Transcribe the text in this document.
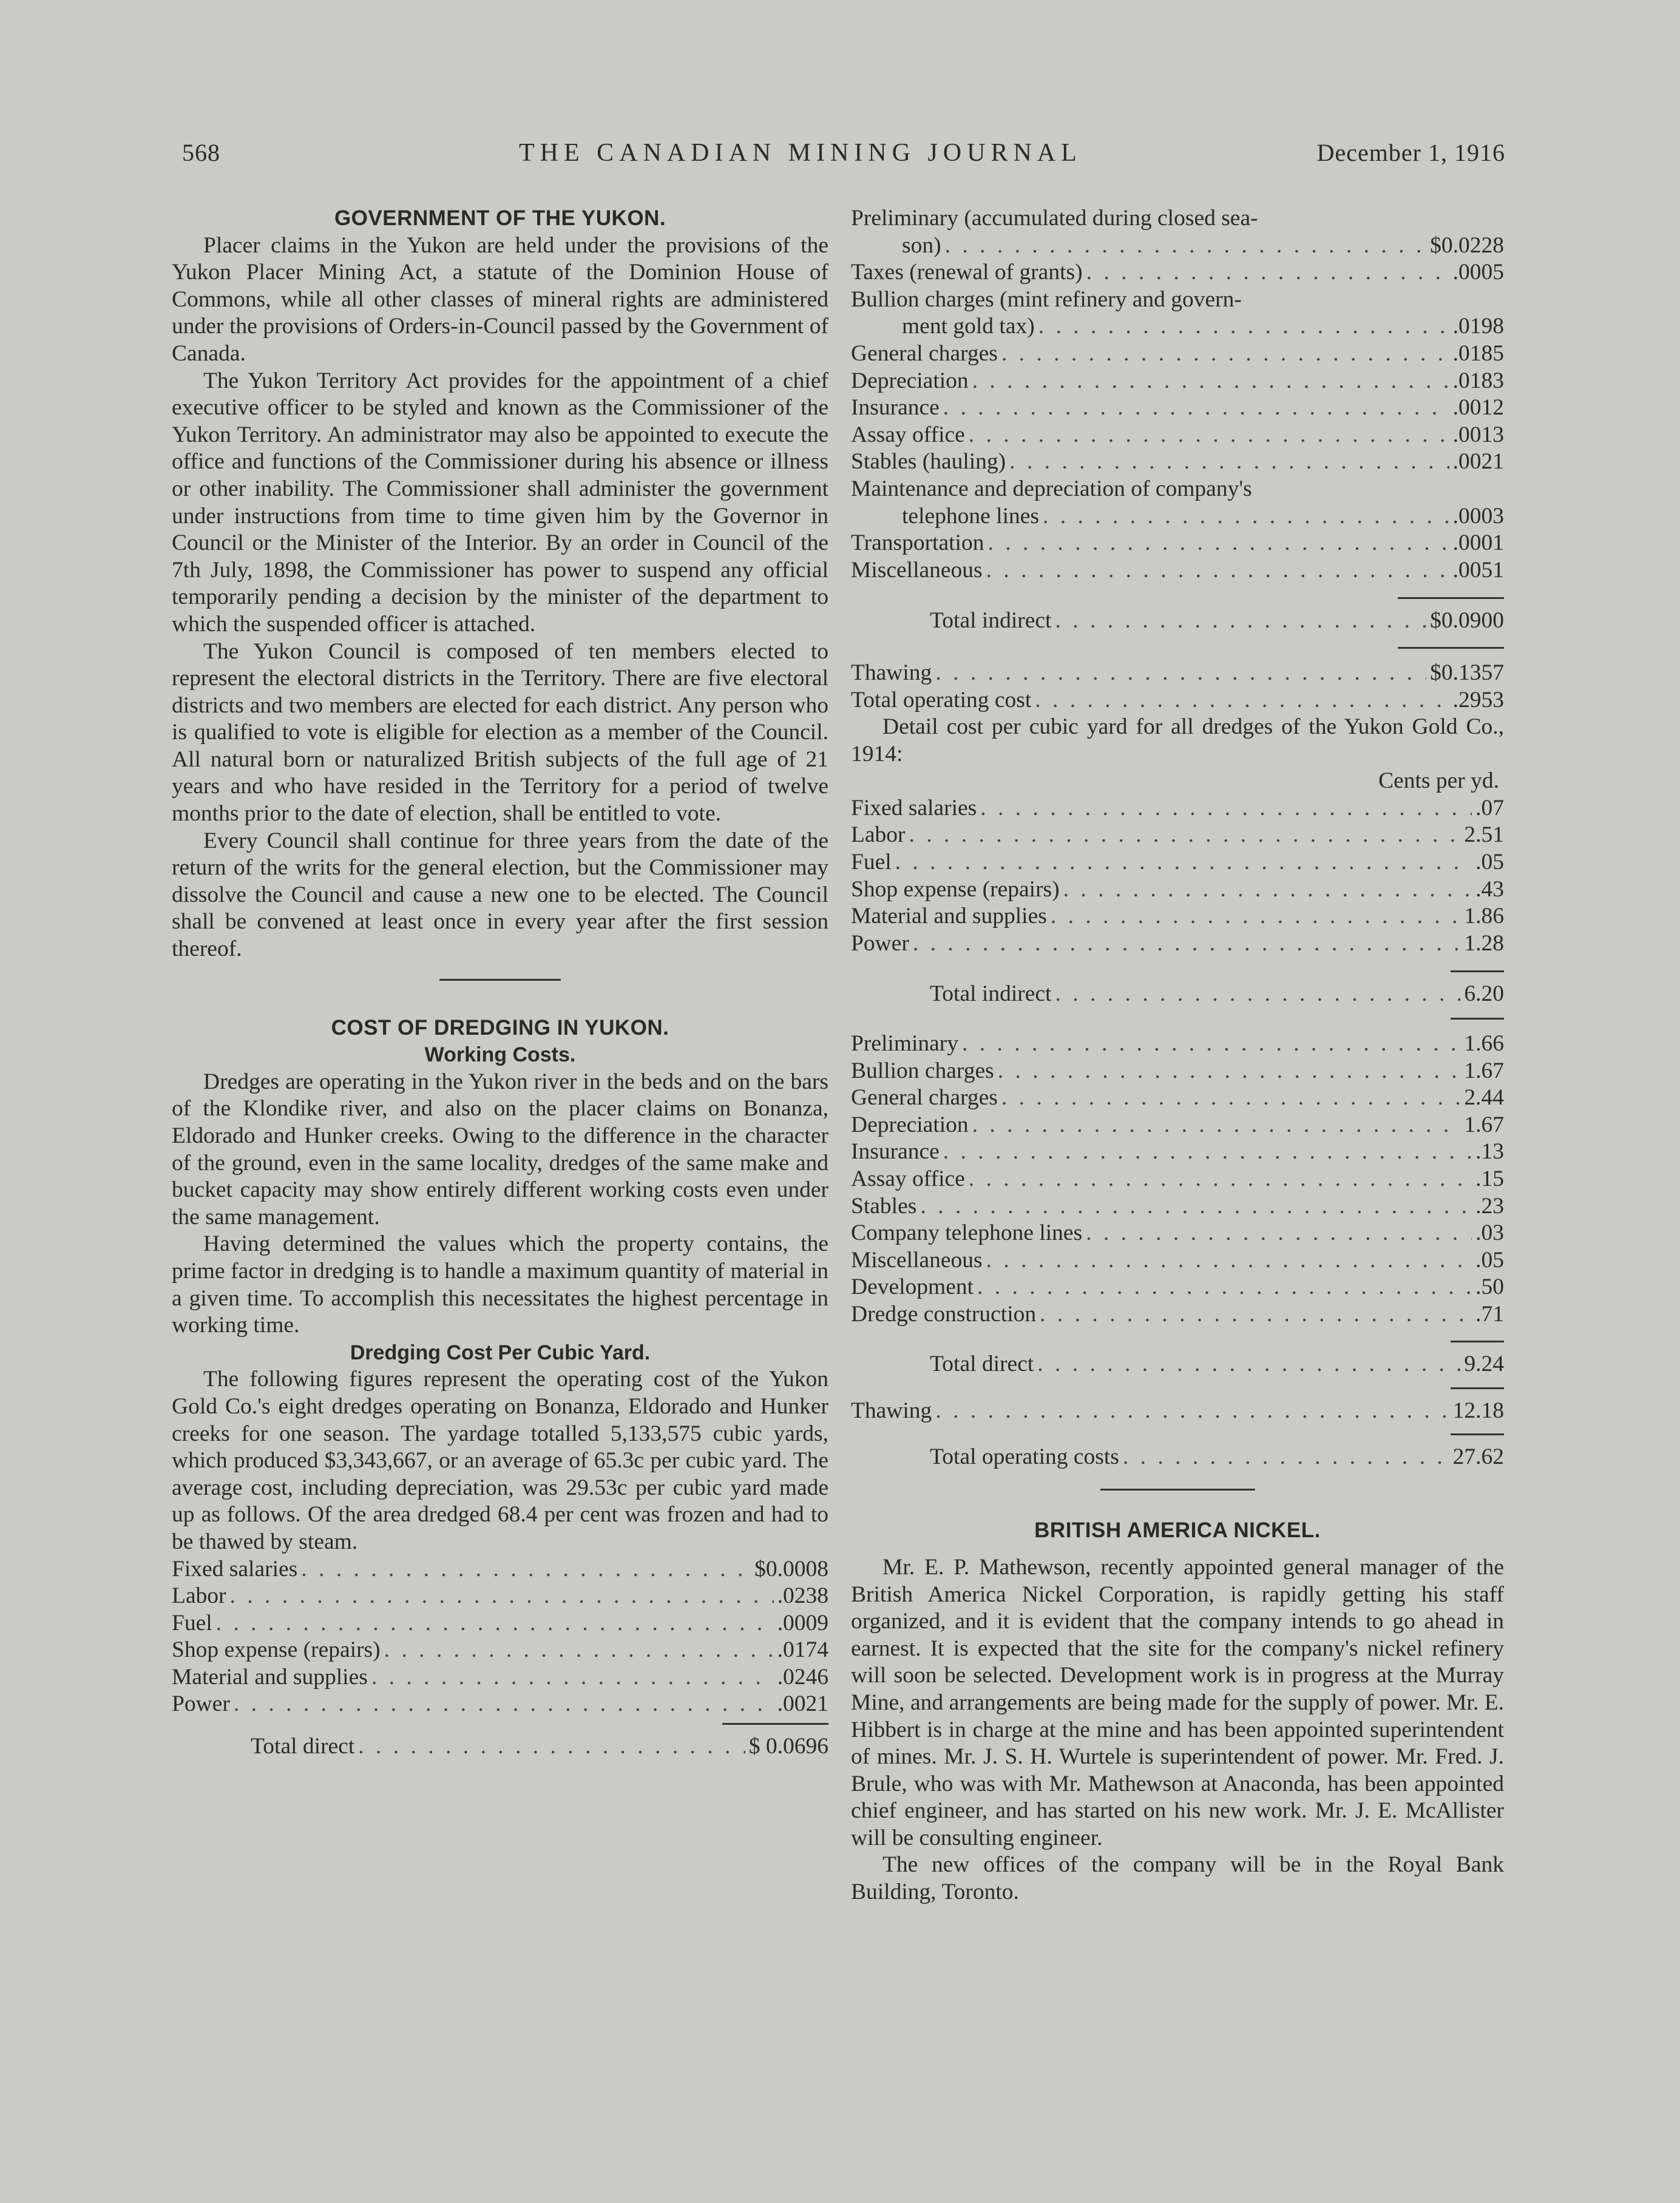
568	THE CANADIAN MINING JOURNAL	December 1, 1916
GOVERNMENT OF THE YUKON.

Placer claims in the Yukon are held under the provisions of the Yukon Placer Mining Act, a statute of the Dominion House of Commons, while all other classes of mineral rights are administered under the provisions of Orders-in-Council passed by the Government of Canada.

The Yukon Territory Act provides for the appointment of a chief executive officer to be styled and known as the Commissioner of the Yukon Territory. An administrator may also be appointed to execute the office and functions of the Commissioner during his absence or illness or other inability. The Commissioner shall administer the government under instructions from time to time given him by the Governor in Council or the Minister of the Interior. By an order in Council of the 7th July, 1898, the Commissioner has power to suspend any official temporarily pending a decision by the minister of the department to which the suspended officer is attached.

The Yukon Council is composed of ten members elected to represent the electoral districts in the Territory. There are five electoral districts and two members are elected for each district. Any person who is qualified to vote is eligible for election as a member of the Council. All natural born or naturalized British subjects of the full age of 21 years and who have resided in the Territory for a period of twelve months prior to the date of election, shall be entitled to vote.

Every Council shall continue for three years from the date of the return of the writs for the general election, but the Commissioner may dissolve the Council and cause a new one to be elected. The Council shall be convened at least once in every year after the first session thereof.

COST OF DREDGING IN YUKON.

Working Costs.

Dredges are operating in the Yukon river in the beds and on the bars of the Klondike river, and also on the placer claims on Bonanza, Eldorado and Hunker creeks. Owing to the difference in the character of the ground, even in the same locality, dredges of the same make and bucket capacity may show entirely different working costs even under the same management.

Having determined the values which the property contains, the prime factor in dredging is to handle a maximum quantity of material in a given time. To accomplish this necessitates the highest percentage in working time.

Dredging Cost Per Cubic Yard.

The following figures represent the operating cost of the Yukon Gold Co.'s eight dredges operating on Bonanza, Eldorado and Hunker creeks for one season. The yardage totalled 5,133,575 cubic yards, which produced $3,343,667, or an average of 65.3c per cubic yard. The average cost, including depreciation, was 29.53c per cubic yard made up as follows. Of the area dredged 68.4 per cent was frozen and had to be thawed by steam.

Fixed salaries . . .	$0.0008
Labor . . .	.0238
Fuel . . .	.0009
Shop expense (repairs) . . .	.0174
Material and supplies . . .	.0246
Power . . .	.0021
Total direct . . .	$ 0.0696

Preliminary (accumulated during closed sea-

son) . . .	$0.0228
Taxes (renewal of grants) . . .	.0005

Bullion charges (mint refinery and govern-

ment gold tax) . . .	.0198
General charges . . .	.0185
Depreciation . . .	.0183
Insurance . . .	.0012
Assay office . . .	.0013
Stables (hauling) . . .	.0021

Maintenance and depreciation of company's

telephone lines . . .	.0003
Transportation . . .	.0001
Miscellaneous . . .	.0051
Total indirect . . .	$0.0900
Thawing . . .	$0.1357
Total operating cost . . .	.2953

Detail cost per cubic yard for all dredges of the Yukon Gold Co., 1914:

Cents per yd.

Fixed salaries . . .	.07
Labor . . .	2.51
Fuel . . .	.05
Shop expense (repairs) . . .	.43
Material and supplies . . .	1.86
Power . . .	1.28
Total indirect . . .	6.20
Preliminary . . .	1.66
Bullion charges . . .	1.67
General charges . . .	2.44
Depreciation . . .	1.67
Insurance . . .	.13
Assay office . . .	.15
Stables . . .	.23
Company telephone lines . . .	.03
Miscellaneous . . .	.05
Development . . .	.50
Dredge construction . . .	.71
Total direct . . .	9.24
Thawing . . .	12.18
Total operating costs . . .	27.62
BRITISH AMERICA NICKEL.

Mr. E. P. Mathewson, recently appointed general manager of the British America Nickel Corporation, is rapidly getting his staff organized, and it is evident that the company intends to go ahead in earnest. It is expected that the site for the company's nickel refinery will soon be selected. Development work is in progress at the Murray Mine, and arrangements are being made for the supply of power. Mr. E. Hibbert is in charge at the mine and has been appointed superintendent of mines. Mr. J. S. H. Wurtele is superintendent of power. Mr. Fred. J. Brule, who was with Mr. Mathewson at Anaconda, has been appointed chief engineer, and has started on his new work. Mr. J. E. McAllister will be consulting engineer.

The new offices of the company will be in the Royal Bank Building, Toronto.
